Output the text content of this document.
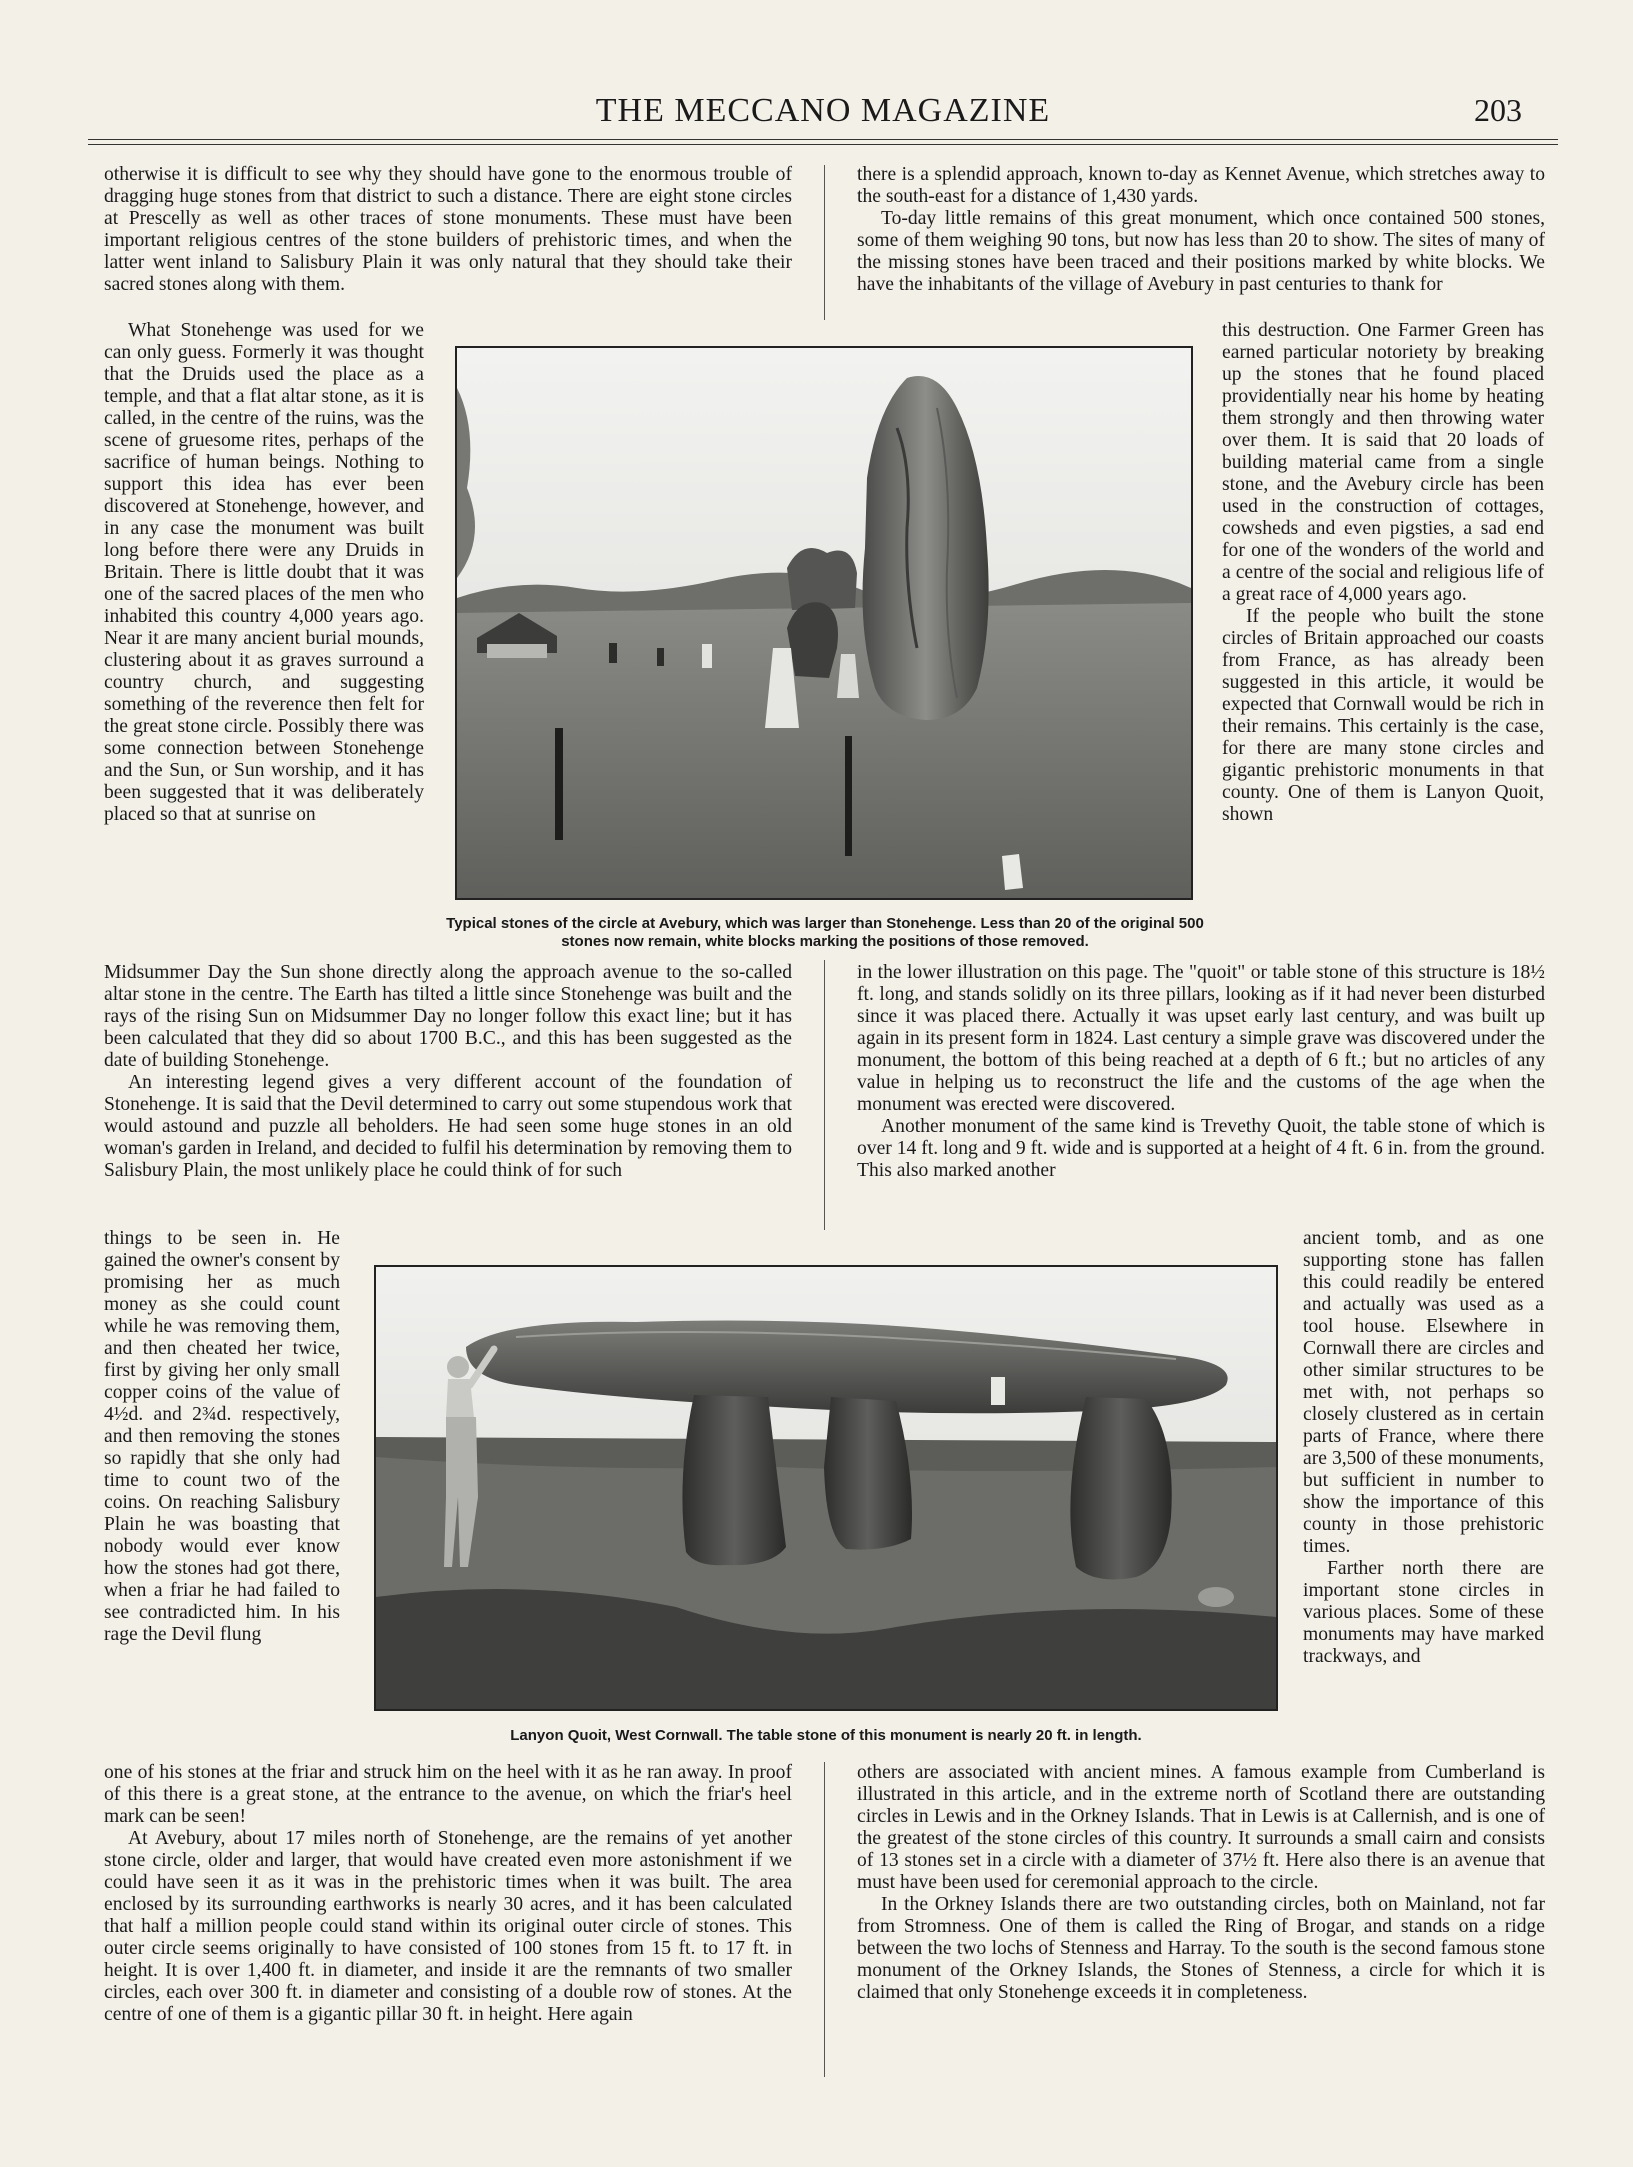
THE MECCANO MAGAZINE	203

otherwise it is difficult to see why they should have gone to the enormous trouble of dragging huge stones from that district to such a distance. There are eight stone circles at Prescelly as well as other traces of stone monuments. These must have been important religious centres of the stone builders of prehistoric times, and when the latter went inland to Salisbury Plain it was only natural that they should take their sacred stones along with them.

What Stonehenge was used for we can only guess. Formerly it was thought that the Druids used the place as a temple, and that a flat altar stone, as it is called, in the centre of the ruins, was the scene of gruesome rites, perhaps of the sacrifice of human beings. Nothing to support this idea has ever been discovered at Stonehenge, however, and in any case the monument was built long before there were any Druids in Britain. There is little doubt that it was one of the sacred places of the men who inhabited this country 4,000 years ago. Near it are many ancient burial mounds, clustering about it as graves surround a country church, and suggesting something of the reverence then felt for the great stone circle. Possibly there was some connection between Stonehenge and the Sun, or Sun worship, and it has been suggested that it was deliberately placed so that at sunrise on

Midsummer Day the Sun shone directly along the approach avenue to the so-called altar stone in the centre. The Earth has tilted a little since Stonehenge was built and the rays of the rising Sun on Midsummer Day no longer follow this exact line; but it has been calculated that they did so about 1700 B.C., and this has been suggested as the date of building Stonehenge.

An interesting legend gives a very different account of the foundation of Stonehenge. It is said that the Devil determined to carry out some stupendous work that would astound and puzzle all beholders. He had seen some huge stones in an old woman's garden in Ireland, and decided to fulfil his determination by removing them to Salisbury Plain, the most unlikely place he could think of for such

things to be seen in. He gained the owner's consent by promising her as much money as she could count while he was removing them, and then cheated her twice, first by giving her only small copper coins of the value of 4½d. and 2¾d. respectively, and then removing the stones so rapidly that she only had time to count two of the coins. On reaching Salisbury Plain he was boasting that nobody would ever know how the stones had got there, when a friar he had failed to see contradicted him. In his rage the Devil flung

one of his stones at the friar and struck him on the heel with it as he ran away. In proof of this there is a great stone, at the entrance to the avenue, on which the friar's heel mark can be seen!

At Avebury, about 17 miles north of Stonehenge, are the remains of yet another stone circle, older and larger, that would have created even more astonishment if we could have seen it as it was in the prehistoric times when it was built. The area enclosed by its surrounding earthworks is nearly 30 acres, and it has been calculated that half a million people could stand within its original outer circle of stones. This outer circle seems originally to have consisted of 100 stones from 15 ft. to 17 ft. in height. It is over 1,400 ft. in diameter, and inside it are the remnants of two smaller circles, each over 300 ft. in diameter and consisting of a double row of stones. At the centre of one of them is a gigantic pillar 30 ft. in height. Here again

there is a splendid approach, known to-day as Kennet Avenue, which stretches away to the south-east for a distance of 1,430 yards.

To-day little remains of this great monument, which once contained 500 stones, some of them weighing 90 tons, but now has less than 20 to show. The sites of many of the missing stones have been traced and their positions marked by white blocks. We have the inhabitants of the village of Avebury in past centuries to thank for

this destruction. One Farmer Green has earned particular notoriety by breaking up the stones that he found placed providentially near his home by heating them strongly and then throwing water over them. It is said that 20 loads of building material came from a single stone, and the Avebury circle has been used in the construction of cottages, cowsheds and even pigsties, a sad end for one of the wonders of the world and a centre of the social and religious life of a great race of 4,000 years ago.

If the people who built the stone circles of Britain approached our coasts from France, as has already been suggested in this article, it would be expected that Cornwall would be rich in their remains. This certainly is the case, for there are many stone circles and gigantic prehistoric monuments in that county. One of them is Lanyon Quoit, shown

in the lower illustration on this page. The "quoit" or table stone of this structure is 18½ ft. long, and stands solidly on its three pillars, looking as if it had never been disturbed since it was placed there. Actually it was upset early last century, and was built up again in its present form in 1824. Last century a simple grave was discovered under the monument, the bottom of this being reached at a depth of 6 ft.; but no articles of any value in helping us to reconstruct the life and the customs of the age when the monument was erected were discovered.

Another monument of the same kind is Trevethy Quoit, the table stone of which is over 14 ft. long and 9 ft. wide and is supported at a height of 4 ft. 6 in. from the ground. This also marked another

ancient tomb, and as one supporting stone has fallen this could readily be entered and actually was used as a tool house. Elsewhere in Cornwall there are circles and other similar structures to be met with, not perhaps so closely clustered as in certain parts of France, where there are 3,500 of these monuments, but sufficient in number to show the importance of this county in those prehistoric times.

Farther north there are important stone circles in various places. Some of these monuments may have marked trackways, and

others are associated with ancient mines. A famous example from Cumberland is illustrated in this article, and in the extreme north of Scotland there are outstanding circles in Lewis and in the Orkney Islands. That in Lewis is at Callernish, and is one of the greatest of the stone circles of this country. It surrounds a small cairn and consists of 13 stones set in a circle with a diameter of 37½ ft. Here also there is an avenue that must have been used for ceremonial approach to the circle.

In the Orkney Islands there are two outstanding circles, both on Mainland, not far from Stromness. One of them is called the Ring of Brogar, and stands on a ridge between the two lochs of Stenness and Harray. To the south is the second famous stone monument of the Orkney Islands, the Stones of Stenness, a circle for which it is claimed that only Stonehenge exceeds it in completeness.

Typical stones of the circle at Avebury, which was larger than Stonehenge. Less than 20 of the original 500 stones now remain, white blocks marking the positions of those removed.
Lanyon Quoit, West Cornwall. The table stone of this monument is nearly 20 ft. in length.
